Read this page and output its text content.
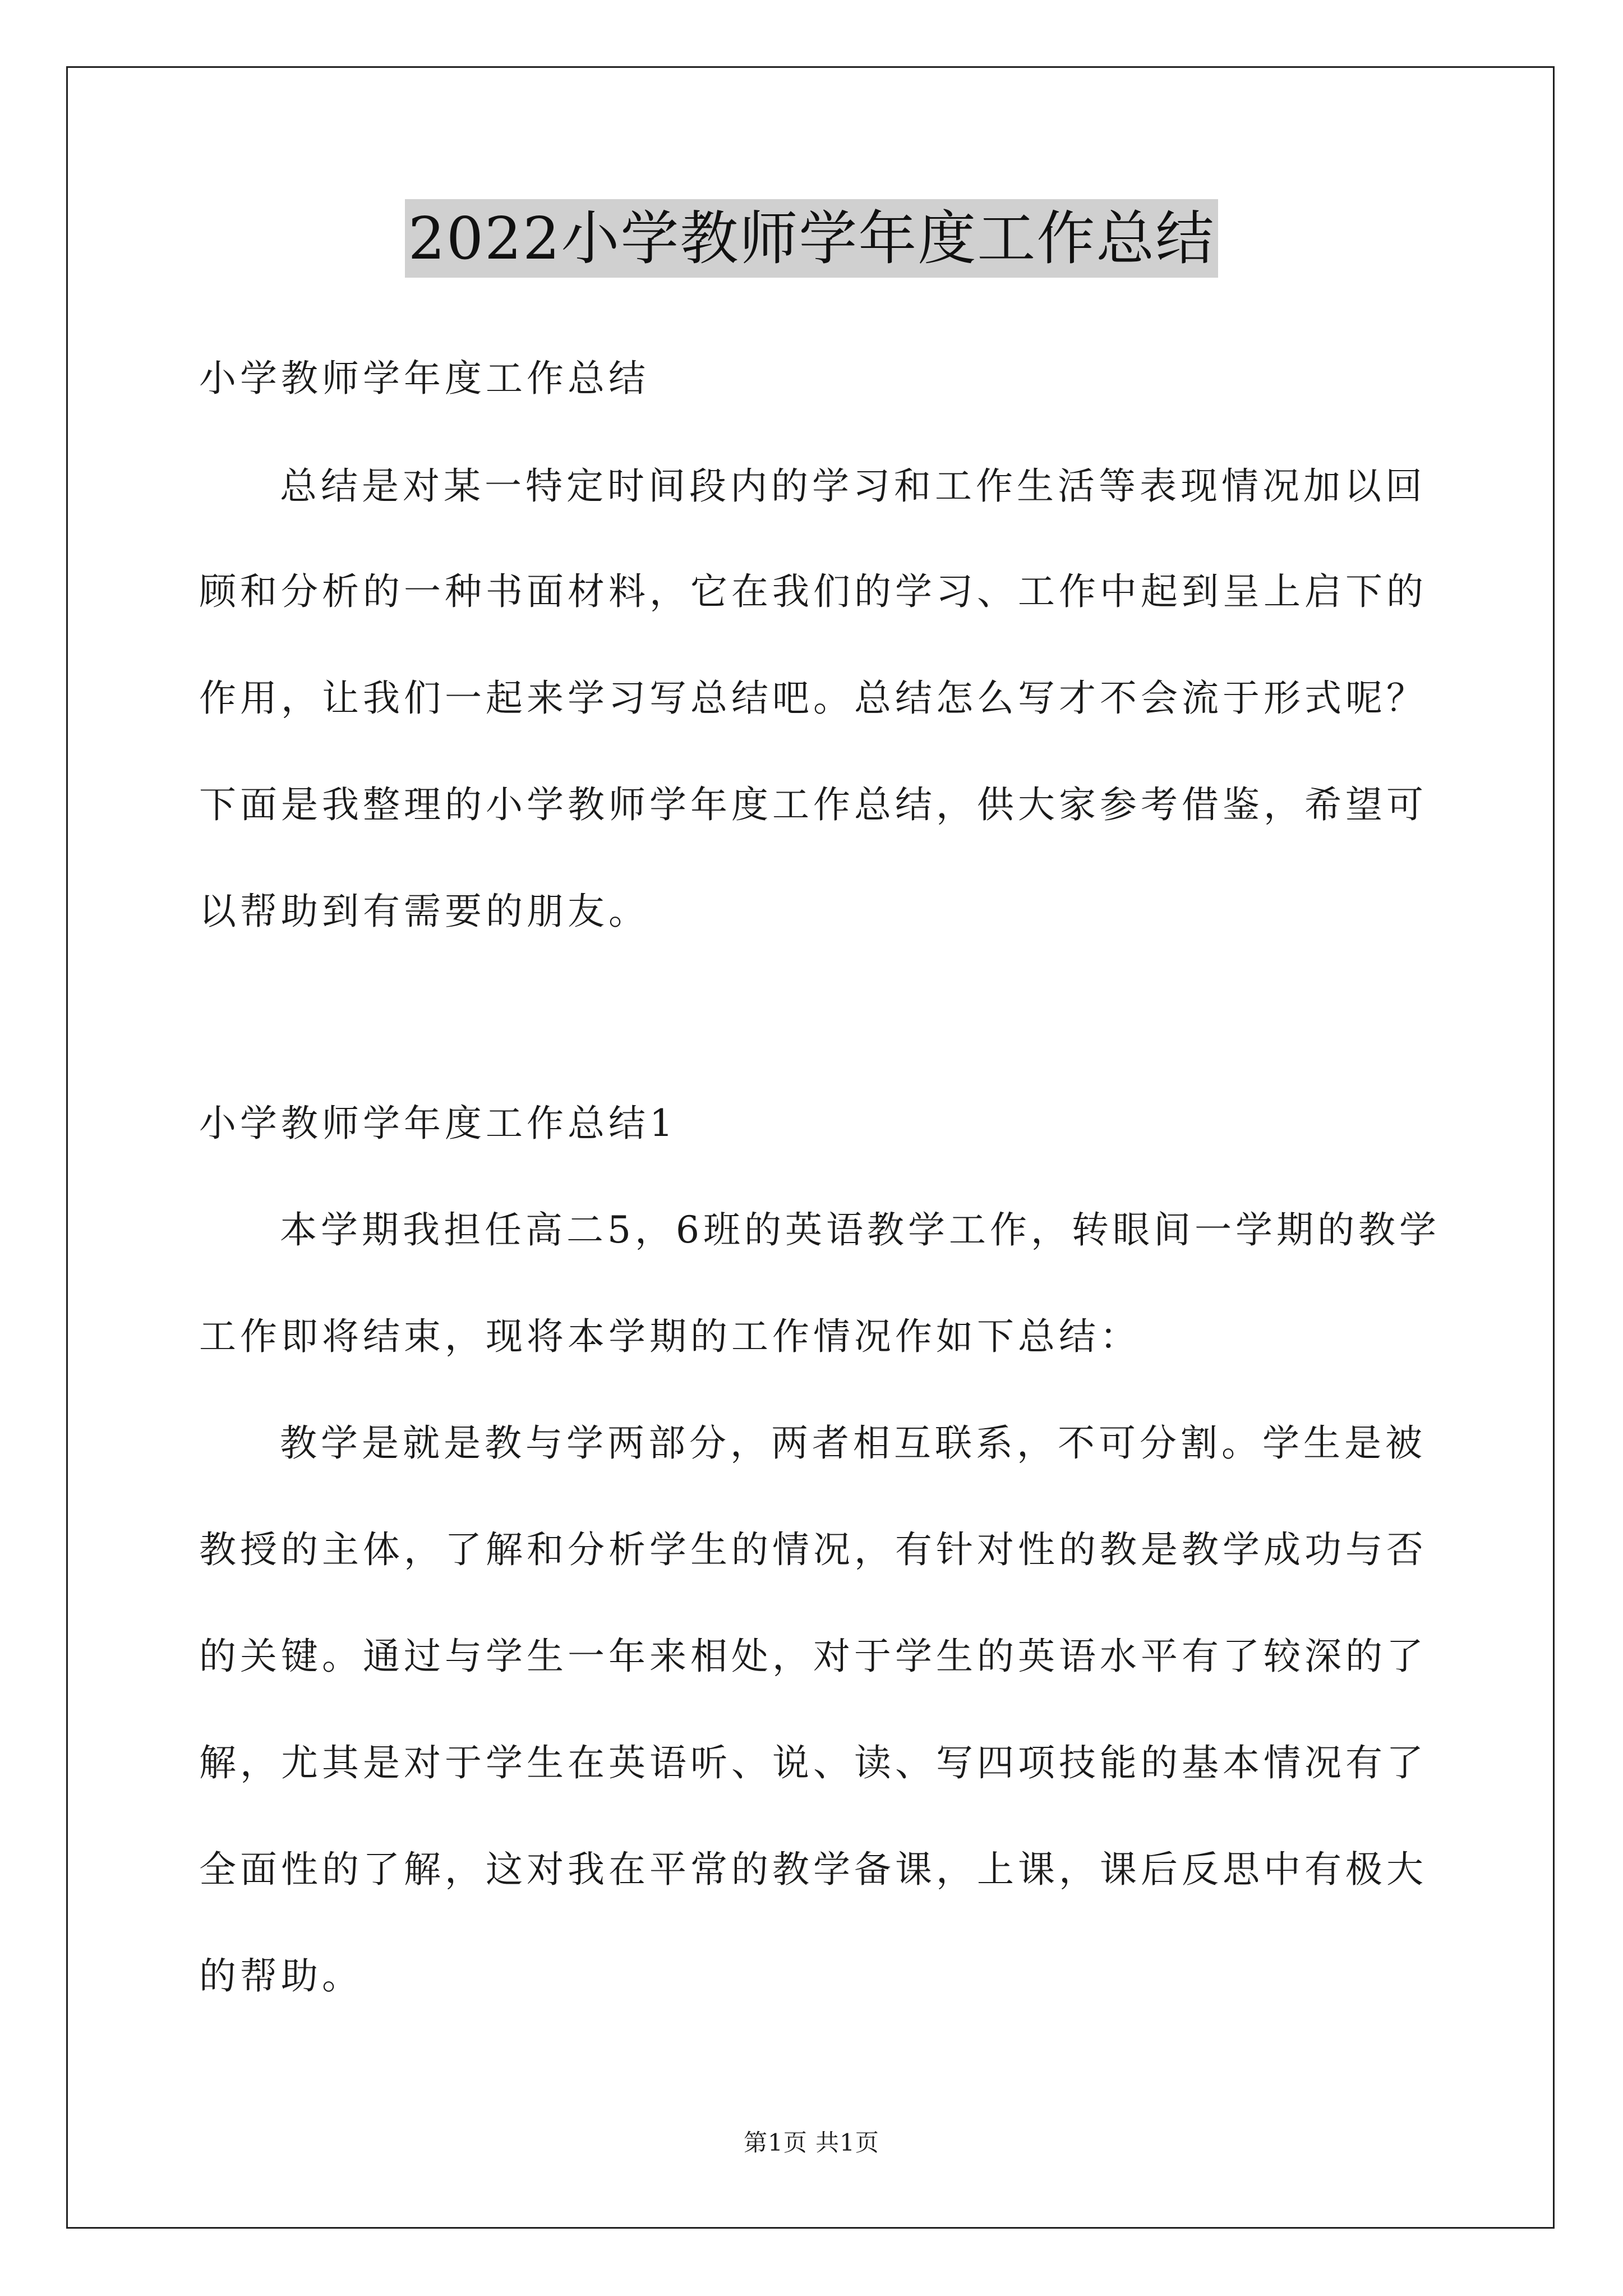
2022小学教师学年度工作总结
小学教师学年度工作总结
总结是对某一特定时间段内的学习和工作生活等表现情况加以回
顾和分析的一种书面材料，它在我们的学习、工作中起到呈上启下的
作用，让我们一起来学习写总结吧。总结怎么写才不会流于形式呢？
下面是我整理的小学教师学年度工作总结，供大家参考借鉴，希望可
以帮助到有需要的朋友。
小学教师学年度工作总结1
本学期我担任高二5，6班的英语教学工作，转眼间一学期的教学
工作即将结束，现将本学期的工作情况作如下总结：
教学是就是教与学两部分，两者相互联系，不可分割。学生是被
教授的主体，了解和分析学生的情况，有针对性的教是教学成功与否
的关键。通过与学生一年来相处，对于学生的英语水平有了较深的了
解，尤其是对于学生在英语听、说、读、写四项技能的基本情况有了
全面性的了解，这对我在平常的教学备课，上课，课后反思中有极大
的帮助。
第1页 共1页
